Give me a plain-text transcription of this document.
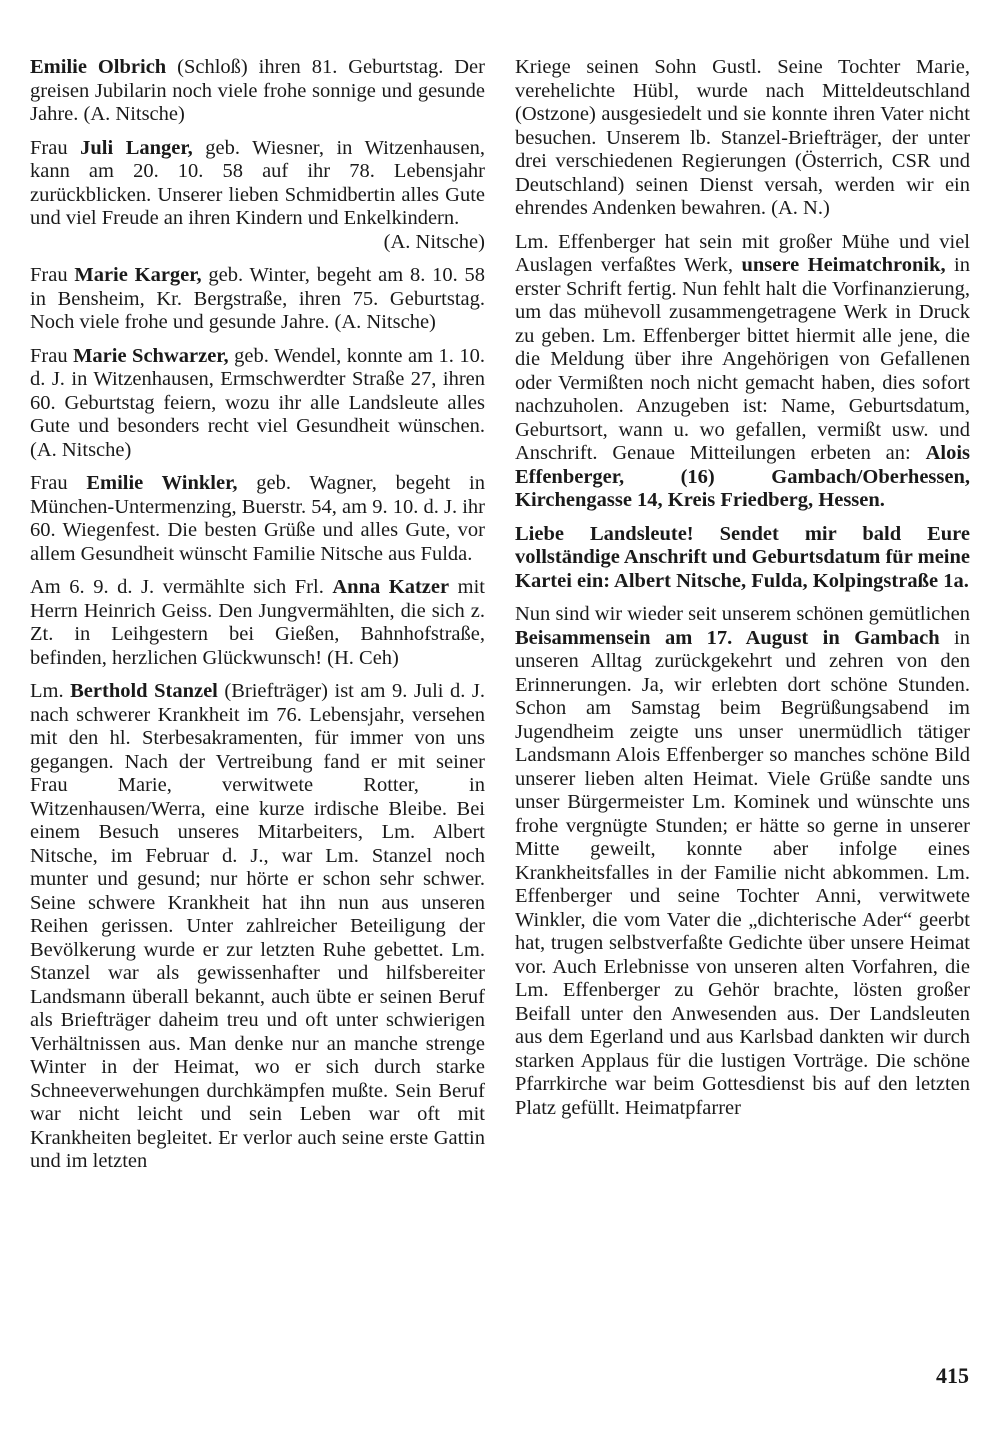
Emilie Olbrich (Schloß) ihren 81. Geburtstag. Der greisen Jubilarin noch viele frohe sonnige und gesunde Jahre. (A. Nitsche)

Frau Juli Langer, geb. Wiesner, in Witzenhausen, kann am 20. 10. 58 auf ihr 78. Lebensjahr zurückblicken. Unserer lieben Schmidbertin alles Gute und viel Freude an ihren Kindern und Enkelkindern.
(A. Nitsche)

Frau Marie Karger, geb. Winter, begeht am 8. 10. 58 in Bensheim, Kr. Bergstraße, ihren 75. Geburtstag. Noch viele frohe und gesunde Jahre. (A. Nitsche)

Frau Marie Schwarzer, geb. Wendel, konnte am 1. 10. d. J. in Witzenhausen, Ermschwerdter Straße 27, ihren 60. Geburtstag feiern, wozu ihr alle Landsleute alles Gute und besonders recht viel Gesundheit wünschen. (A. Nitsche)

Frau Emilie Winkler, geb. Wagner, begeht in München-Untermenzing, Buerstr. 54, am 9. 10. d. J. ihr 60. Wiegenfest. Die besten Grüße und alles Gute, vor allem Gesundheit wünscht Familie Nitsche aus Fulda.

Am 6. 9. d. J. vermählte sich Frl. Anna Katzer mit Herrn Heinrich Geiss. Den Jungvermählten, die sich z. Zt. in Leihgestern bei Gießen, Bahnhofstraße, befinden, herzlichen Glückwunsch! (H. Ceh)

Lm. Berthold Stanzel (Briefträger) ist am 9. Juli d. J. nach schwerer Krankheit im 76. Lebensjahr, versehen mit den hl. Sterbesakramenten, für immer von uns gegangen. Nach der Vertreibung fand er mit seiner Frau Marie, verwitwete Rotter, in Witzenhausen/Werra, eine kurze irdische Bleibe. Bei einem Besuch unseres Mitarbeiters, Lm. Albert Nitsche, im Februar d. J., war Lm. Stanzel noch munter und gesund; nur hörte er schon sehr schwer. Seine schwere Krankheit hat ihn nun aus unseren Reihen gerissen. Unter zahlreicher Beteiligung der Bevölkerung wurde er zur letzten Ruhe gebettet. Lm. Stanzel war als gewissenhafter und hilfsbereiter Landsmann überall bekannt, auch übte er seinen Beruf als Briefträger daheim treu und oft unter schwierigen Verhältnissen aus. Man denke nur an manche strenge Winter in der Heimat, wo er sich durch starke Schneeverwehungen durchkämpfen mußte. Sein Beruf war nicht leicht und sein Leben war oft mit Krankheiten begleitet. Er verlor auch seine erste Gattin und im letzten

Kriege seinen Sohn Gustl. Seine Tochter Marie, verehelichte Hübl, wurde nach Mitteldeutschland (Ostzone) ausgesiedelt und sie konnte ihren Vater nicht besuchen. Unserem lb. Stanzel-Briefträger, der unter drei verschiedenen Regierungen (Österrich, CSR und Deutschland) seinen Dienst versah, werden wir ein ehrendes Andenken bewahren. (A. N.)

Lm. Effenberger hat sein mit großer Mühe und viel Auslagen verfaßtes Werk, unsere Heimatchronik, in erster Schrift fertig. Nun fehlt halt die Vorfinanzierung, um das mühevoll zusammengetragene Werk in Druck zu geben. Lm. Effenberger bittet hiermit alle jene, die die Meldung über ihre Angehörigen von Gefallenen oder Vermißten noch nicht gemacht haben, dies sofort nachzuholen. Anzugeben ist: Name, Geburtsdatum, Geburtsort, wann u. wo gefallen, vermißt usw. und Anschrift. Genaue Mitteilungen erbeten an: Alois Effenberger, (16) Gambach/Oberhessen, Kirchengasse 14, Kreis Friedberg, Hessen.

Liebe Landsleute! Sendet mir bald Eure vollständige Anschrift und Geburtsdatum für meine Kartei ein: Albert Nitsche, Fulda, Kolpingstraße 1a.

Nun sind wir wieder seit unserem schönen gemütlichen Beisammensein am 17. August in Gambach in unseren Alltag zurückgekehrt und zehren von den Erinnerungen. Ja, wir erlebten dort schöne Stunden. Schon am Samstag beim Begrüßungsabend im Jugendheim zeigte uns unser unermüdlich tätiger Landsmann Alois Effenberger so manches schöne Bild unserer lieben alten Heimat. Viele Grüße sandte uns unser Bürgermeister Lm. Kominek und wünschte uns frohe vergnügte Stunden; er hätte so gerne in unserer Mitte geweilt, konnte aber infolge eines Krankheitsfalles in der Familie nicht abkommen. Lm. Effenberger und seine Tochter Anni, verwitwete Winkler, die vom Vater die „dichterische Ader“ geerbt hat, trugen selbstverfaßte Gedichte über unsere Heimat vor. Auch Erlebnisse von unseren alten Vorfahren, die Lm. Effenberger zu Gehör brachte, lösten großer Beifall unter den Anwesenden aus. Der Landsleuten aus dem Egerland und aus Karlsbad dankten wir durch starken Applaus für die lustigen Vorträge. Die schöne Pfarrkirche war beim Gottesdienst bis auf den letzten Platz gefüllt. Heimatpfarrer

415
